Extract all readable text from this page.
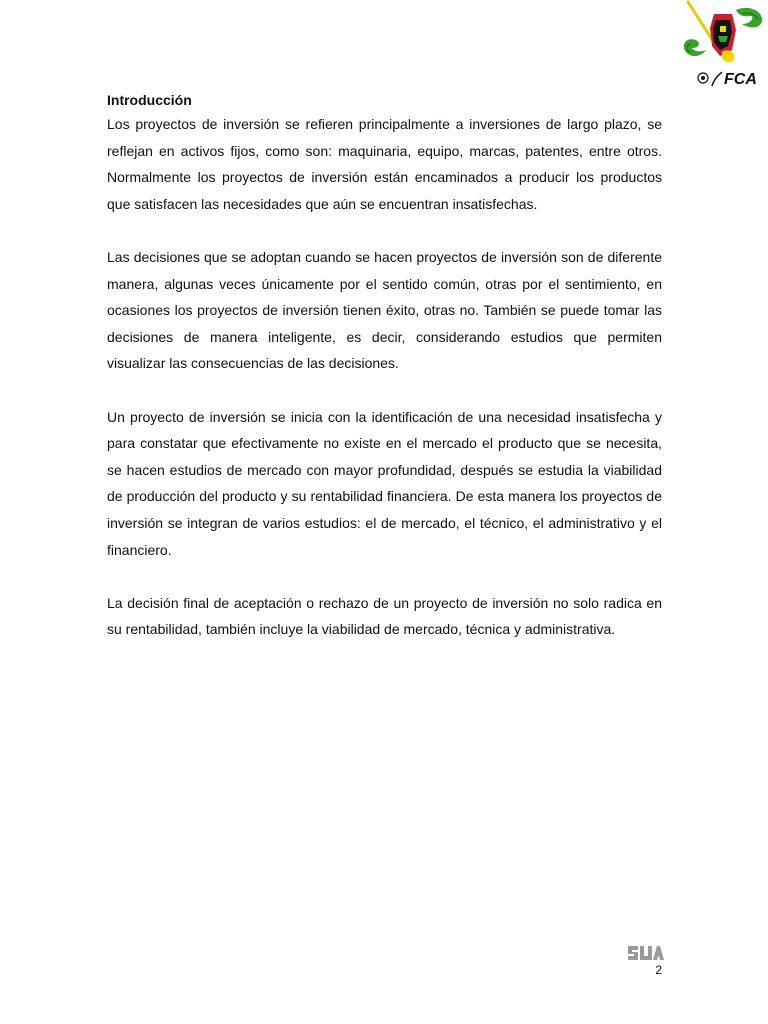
FCA

Introducción

Los proyectos de inversión se refieren principalmente a inversiones de largo plazo, se reflejan en activos fijos, como son: maquinaria, equipo, marcas, patentes, entre otros. Normalmente los proyectos de inversión están encaminados a producir los productos que satisfacen las necesidades que aún se encuentran insatisfechas.

Las decisiones que se adoptan cuando se hacen proyectos de inversión son de diferente manera, algunas veces únicamente por el sentido común, otras por el sentimiento, en ocasiones los proyectos de inversión tienen éxito, otras no. También se puede tomar las decisiones de manera inteligente, es decir, considerando estudios que permiten visualizar las consecuencias de las decisiones.

Un proyecto de inversión se inicia con la identificación de una necesidad insatisfecha y para constatar que efectivamente no existe en el mercado el producto que se necesita, se hacen estudios de mercado con mayor profundidad, después se estudia la viabilidad de producción del producto y su rentabilidad financiera. De esta manera los proyectos de inversión se integran de varios estudios: el de mercado, el técnico, el administrativo y el financiero.

La decisión final de aceptación o rechazo de un proyecto de inversión no solo radica en su rentabilidad, también incluye la viabilidad de mercado, técnica y administrativa.

SUA
2
